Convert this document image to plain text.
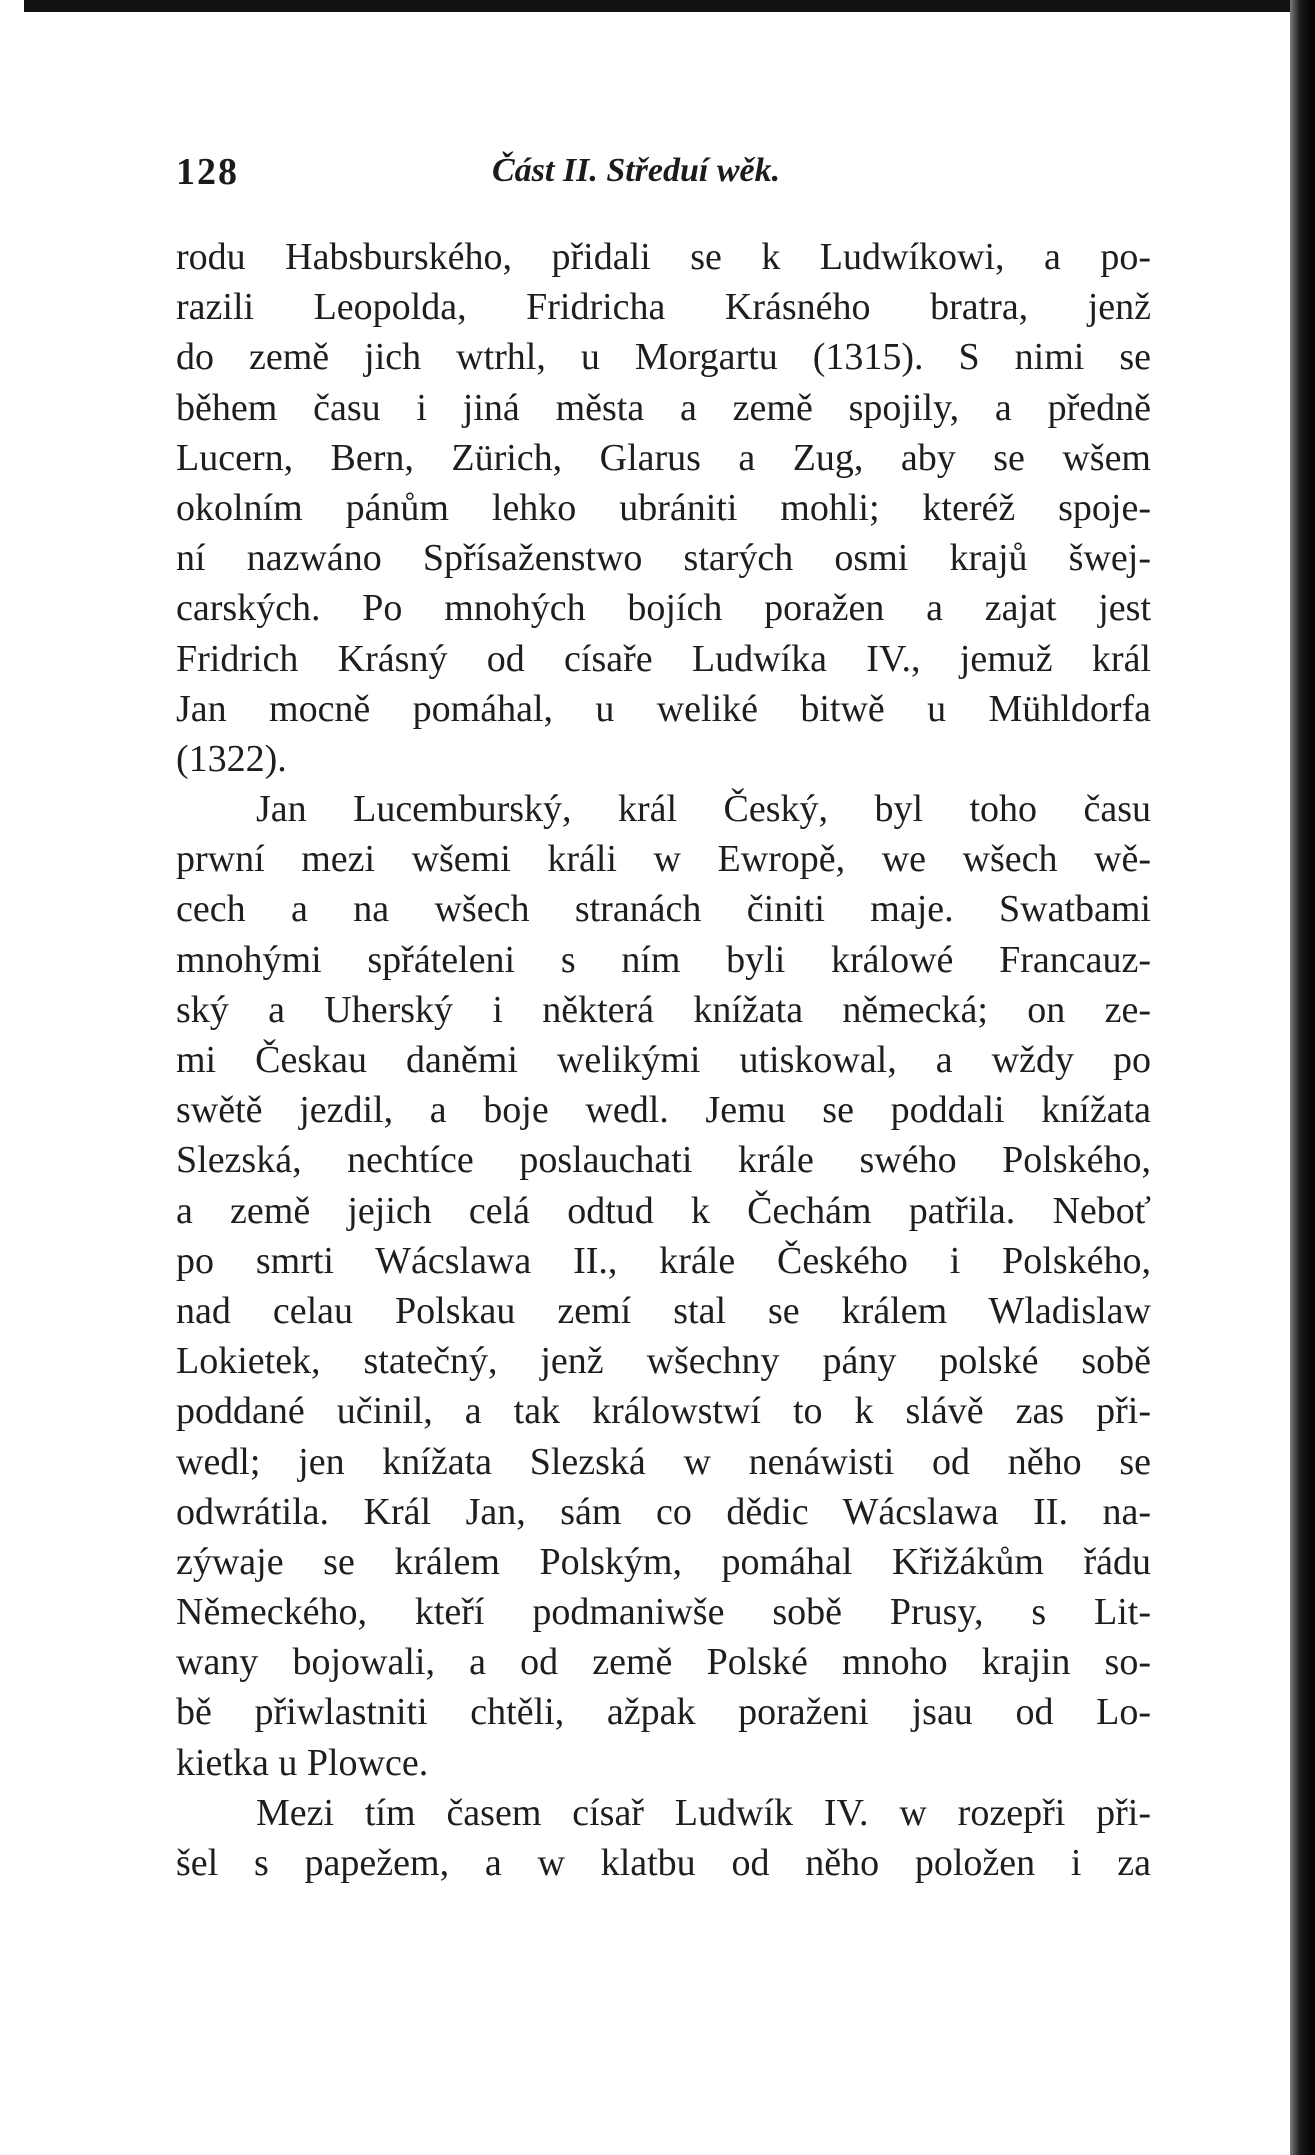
128	Část II. Středuí wěk.
rodu Habsburského, přidali se k Ludwíkowi, a po-
razili Leopolda, Fridricha Krásného bratra, jenž
do země jich wtrhl, u Morgartu (1315). S nimi se
během času i jiná města a země spojily, a předně
Lucern, Bern, Zürich, Glarus a Zug, aby se wšem
okolním pánům lehko ubrániti mohli; kteréž spoje-
ní nazwáno Spřísaženstwo starých osmi krajů šwej-
carských. Po mnohých bojích poražen a zajat jest
Fridrich Krásný od císaře Ludwíka IV., jemuž král
Jan mocně pomáhal, u weliké bitwě u Mühldorfa
(1322).
Jan Lucemburský, král Český, byl toho času
prwní mezi wšemi králi w Ewropě, we wšech wě-
cech a na wšech stranách činiti maje. Swatbami
mnohými spřáteleni s ním byli králowé Francauz-
ský a Uherský i některá knížata německá; on ze-
mi Českau daněmi welikými utiskowal, a wždy po
swětě jezdil, a boje wedl. Jemu se poddali knížata
Slezská, nechtíce poslauchati krále swého Polského,
a země jejich celá odtud k Čechám patřila. Neboť
po smrti Wácslawa II., krále Českého i Polského,
nad celau Polskau zemí stal se králem Wladislaw
Lokietek, statečný, jenž wšechny pány polské sobě
poddané učinil, a tak králowstwí to k slávě zas při-
wedl; jen knížata Slezská w nenáwisti od něho se
odwrátila. Král Jan, sám co dědic Wácslawa II. na-
zýwaje se králem Polským, pomáhal Křižákům řádu
Německého, kteří podmaniwše sobě Prusy, s Lit-
wany bojowali, a od země Polské mnoho krajin so-
bě přiwlastniti chtěli, ažpak poraženi jsau od Lo-
kietka u Plowce.
Mezi tím časem císař Ludwík IV. w rozepři při-
šel s papežem, a w klatbu od něho položen i za
